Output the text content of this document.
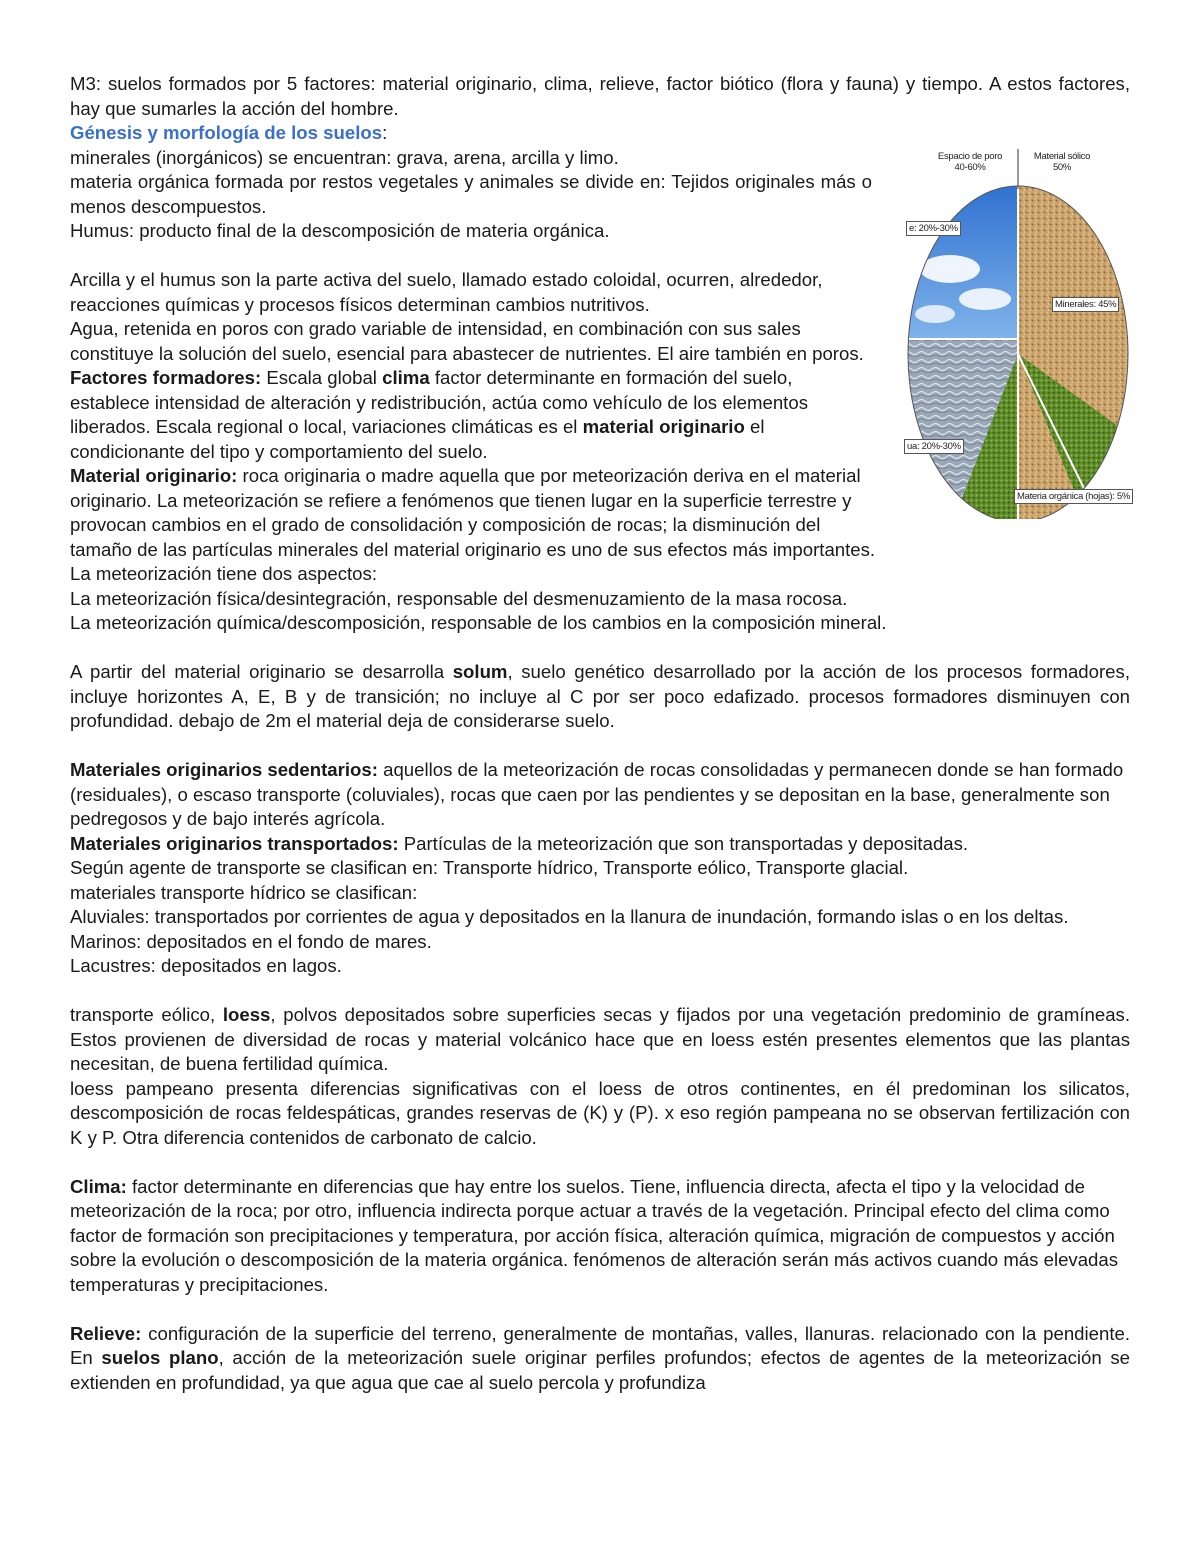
M3: suelos formados por 5 factores: material originario, clima, relieve, factor biótico (flora y fauna) y tiempo. A estos factores, hay que sumarles la acción del hombre.

Espacio de poro
40-60%
Material sólico
50%
e: 20%-30%
Minerales: 45%
ua: 20%-30%
Materia orgánica (hojas): 5%

Génesis y morfología de los suelos:

minerales (inorgánicos) se encuentran: grava, arena, arcilla y limo.

materia orgánica formada por restos vegetales y animales se divide en: Tejidos originales más o menos descompuestos.

Humus: producto final de la descomposición de materia orgánica.

Arcilla y el humus son la parte activa del suelo, llamado estado coloidal, ocurren, alrededor, reacciones químicas y procesos físicos determinan cambios nutritivos.

Agua, retenida en poros con grado variable de intensidad, en combinación con sus sales constituye la solución del suelo, esencial para abastecer de nutrientes. El aire también en poros.

Factores formadores: Escala global clima factor determinante en formación del suelo, establece intensidad de alteración y redistribución, actúa como vehículo de los elementos liberados. Escala regional o local, variaciones climáticas es el material originario el condicionante del tipo y comportamiento del suelo.

Material originario: roca originaria o madre aquella que por meteorización deriva en el material originario. La meteorización se refiere a fenómenos que tienen lugar en la superficie terrestre y provocan cambios en el grado de consolidación y composición de rocas; la disminución del tamaño de las partículas minerales del material originario es uno de sus efectos más importantes.

La meteorización tiene dos aspectos:

La meteorización física/desintegración, responsable del desmenuzamiento de la masa rocosa.

La meteorización química/descomposición, responsable de los cambios en la composición mineral.

A partir del material originario se desarrolla solum, suelo genético desarrollado por la acción de los procesos formadores, incluye horizontes A, E, B y de transición; no incluye al C por ser poco edafizado. procesos formadores disminuyen con profundidad. debajo de 2m el material deja de considerarse suelo.

Materiales originarios sedentarios: aquellos de la meteorización de rocas consolidadas y permanecen donde se han formado (residuales), o escaso transporte (coluviales), rocas que caen por las pendientes y se depositan en la base, generalmente son pedregosos y de bajo interés agrícola.

Materiales originarios transportados: Partículas de la meteorización que son transportadas y depositadas.

Según agente de transporte se clasifican en: Transporte hídrico, Transporte eólico, Transporte glacial.

materiales transporte hídrico se clasifican:

Aluviales: transportados por corrientes de agua y depositados en la llanura de inundación, formando islas o en los deltas.

Marinos: depositados en el fondo de mares.

Lacustres: depositados en lagos.

transporte eólico, loess, polvos depositados sobre superficies secas y fijados por una vegetación predominio de gramíneas. Estos provienen de diversidad de rocas y material volcánico hace que en loess estén presentes elementos que las plantas necesitan, de buena fertilidad química.

loess pampeano presenta diferencias significativas con el loess de otros continentes, en él predominan los silicatos, descomposición de rocas feldespáticas, grandes reservas de (K) y (P). x eso región pampeana no se observan fertilización con K y P. Otra diferencia contenidos de carbonato de calcio.

Clima: factor determinante en diferencias que hay entre los suelos. Tiene, influencia directa, afecta el tipo y la velocidad de meteorización de la roca; por otro, influencia indirecta porque actuar a través de la vegetación. Principal efecto del clima como factor de formación son precipitaciones y temperatura, por acción física, alteración química, migración de compuestos y acción sobre la evolución o descomposición de la materia orgánica. fenómenos de alteración serán más activos cuando más elevadas temperaturas y precipitaciones.

Relieve: configuración de la superficie del terreno, generalmente de montañas, valles, llanuras. relacionado con la pendiente. En suelos plano, acción de la meteorización suele originar perfiles profundos; efectos de agentes de la meteorización se extienden en profundidad, ya que agua que cae al suelo percola y profundiza
